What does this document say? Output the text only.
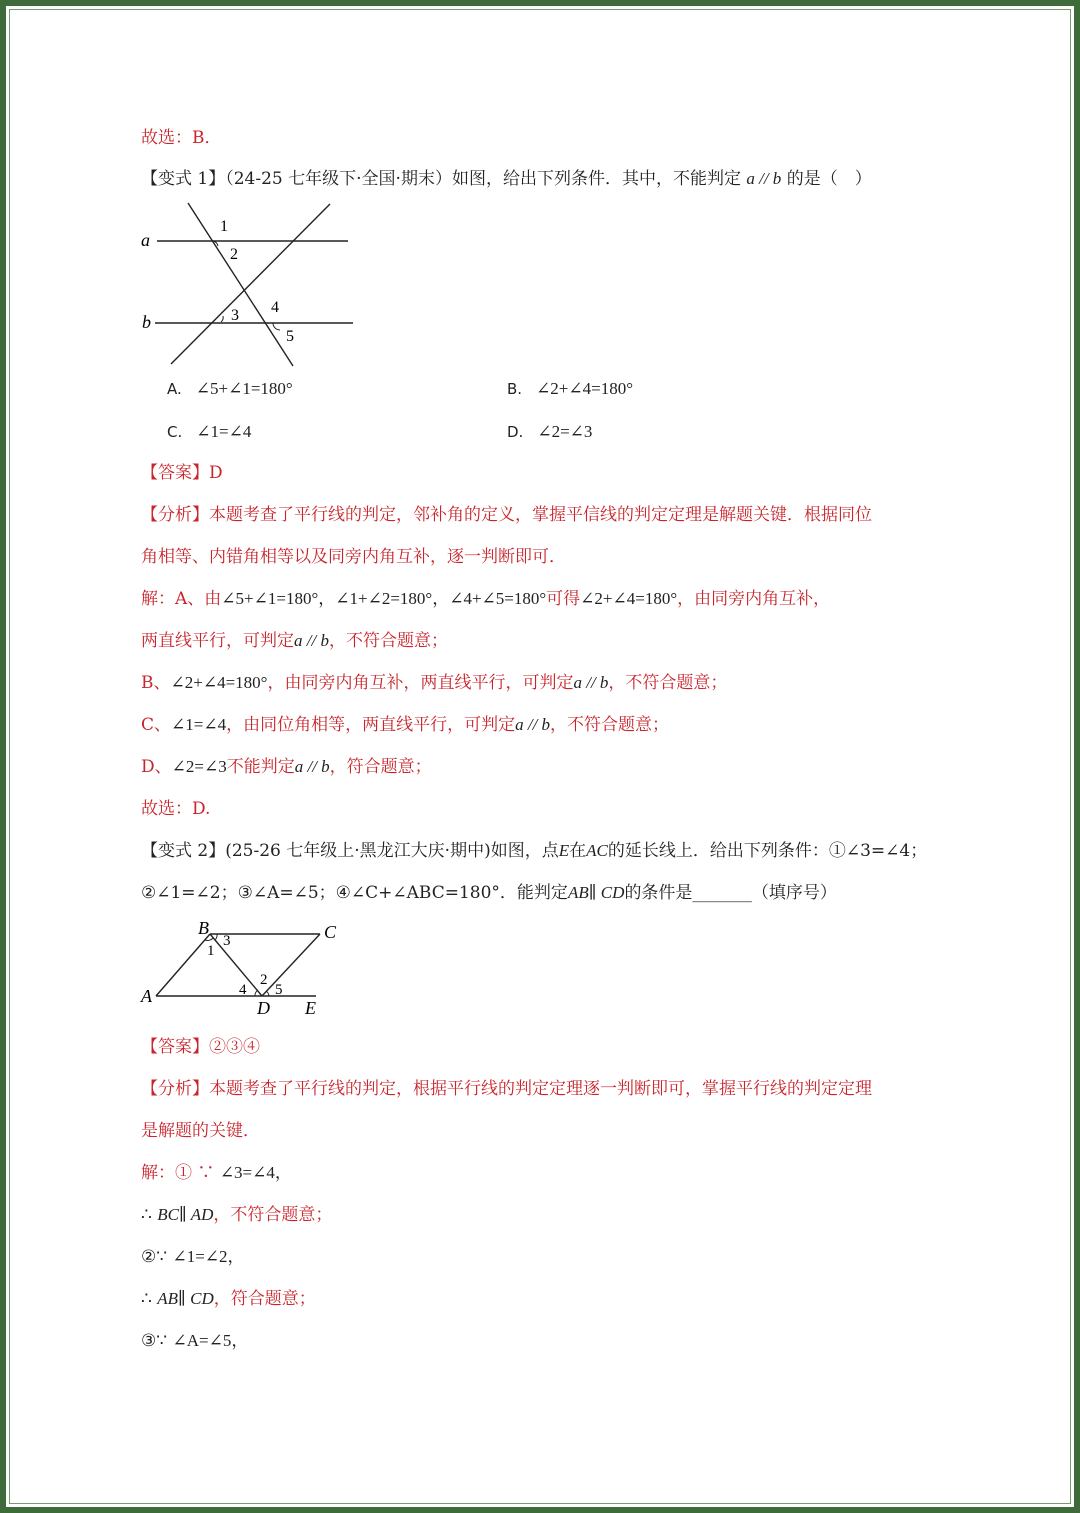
故选：B．
【变式 1】（24-25 七年级下·全国·期末）如图，给出下列条件．其中，不能判定 a // b 的是（　）
a
b
1
2
3 4
5
A. ∠5+∠1=180°	B. ∠2+∠4=180°
C. ∠1=∠4	D. ∠2=∠3
【答案】D
【分析】本题考查了平行线的判定，邻补角的定义，掌握平信线的判定定理是解题关键．根据同位
角相等、内错角相等以及同旁内角互补，逐一判断即可．
解：A、由∠5+∠1=180°，∠1+∠2=180°，∠4+∠5=180°可得∠2+∠4=180°，由同旁内角互补，
两直线平行，可判定a // b，不符合题意；
B、∠2+∠4=180°，由同旁内角互补，两直线平行，可判定a // b，不符合题意；
C、∠1=∠4，由同位角相等，两直线平行，可判定a // b，不符合题意；
D、∠2=∠3不能判定a // b，符合题意；
故选：D.
【变式 2】(25-26 七年级上·黑龙江大庆·期中)如图，点E在AC的延长线上．给出下列条件：①∠3=∠4；
②∠1=∠2；③∠A=∠5；④∠C+∠ABC=180°．能判定AB∥ CD的条件是_______（填序号）
B	C
A
D E
1
3
2
4 5
【答案】②③④
【分析】本题考查了平行线的判定，根据平行线的判定定理逐一判断即可，掌握平行线的判定定理
是解题的关键．
解：① ∵ ∠3=∠4，
∴ BC∥ AD，不符合题意；
②∵ ∠1=∠2，
∴ AB∥ CD，符合题意；
③∵ ∠A=∠5，
